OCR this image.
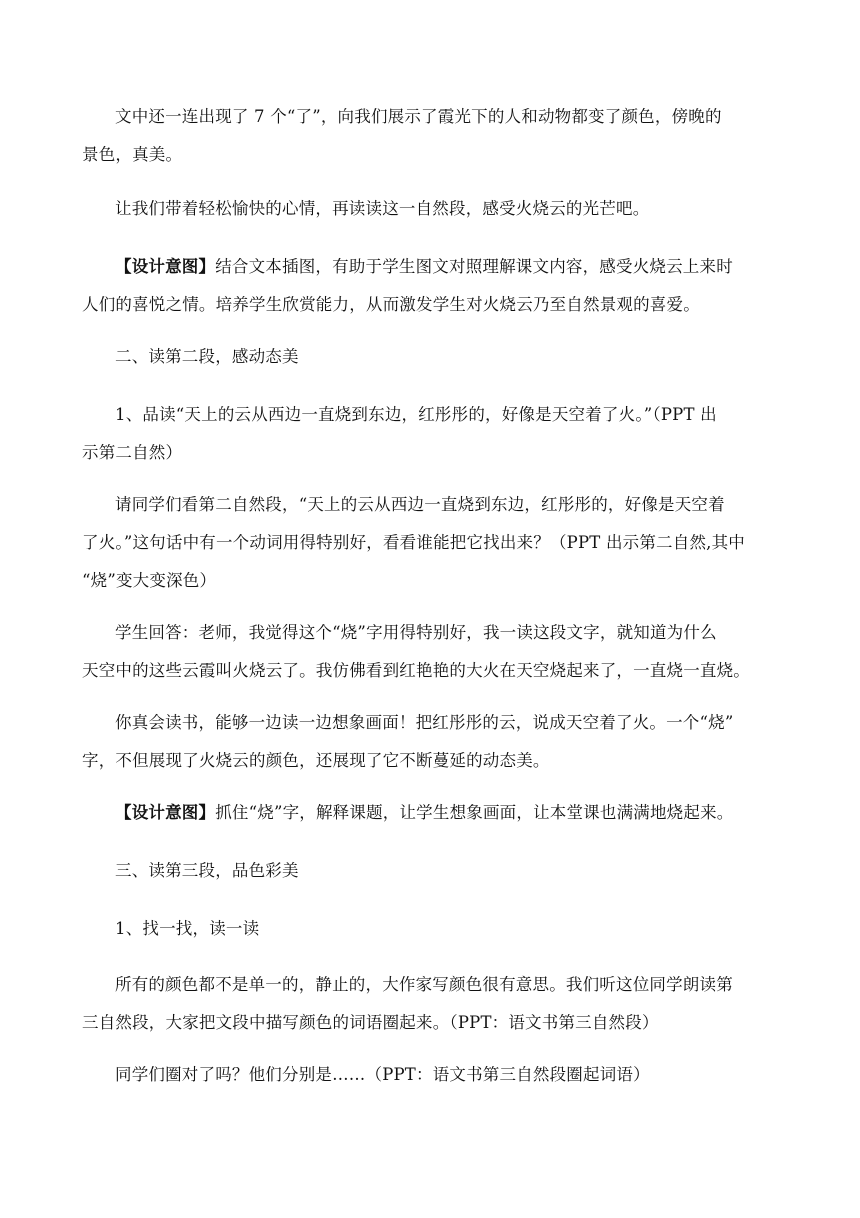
文中还一连出现了 7 个“了”，向我们展示了霞光下的人和动物都变了颜色，傍晚的
景色，真美。
让我们带着轻松愉快的心情，再读读这一自然段，感受火烧云的光芒吧。
【设计意图】结合文本插图，有助于学生图文对照理解课文内容，感受火烧云上来时
人们的喜悦之情。培养学生欣赏能力，从而激发学生对火烧云乃至自然景观的喜爱。
二、读第二段，感动态美
1、品读“天上的云从西边一直烧到东边，红彤彤的，好像是天空着了火。”（PPT 出
示第二自然）
请同学们看第二自然段，“天上的云从西边一直烧到东边，红彤彤的，好像是天空着
了火。”这句话中有一个动词用得特别好，看看谁能把它找出来？（PPT 出示第二自然,其中
“烧”变大变深色）
学生回答：老师，我觉得这个“烧”字用得特别好，我一读这段文字，就知道为什么
天空中的这些云霞叫火烧云了。我仿佛看到红艳艳的大火在天空烧起来了，一直烧一直烧。
你真会读书，能够一边读一边想象画面！把红彤彤的云，说成天空着了火。一个“烧”
字，不但展现了火烧云的颜色，还展现了它不断蔓延的动态美。
【设计意图】抓住“烧”字，解释课题，让学生想象画面，让本堂课也满满地烧起来。
三、读第三段，品色彩美
1、找一找，读一读
所有的颜色都不是单一的，静止的，大作家写颜色很有意思。我们听这位同学朗读第
三自然段，大家把文段中描写颜色的词语圈起来。（PPT：语文书第三自然段）
同学们圈对了吗？他们分别是……（PPT：语文书第三自然段圈起词语）
